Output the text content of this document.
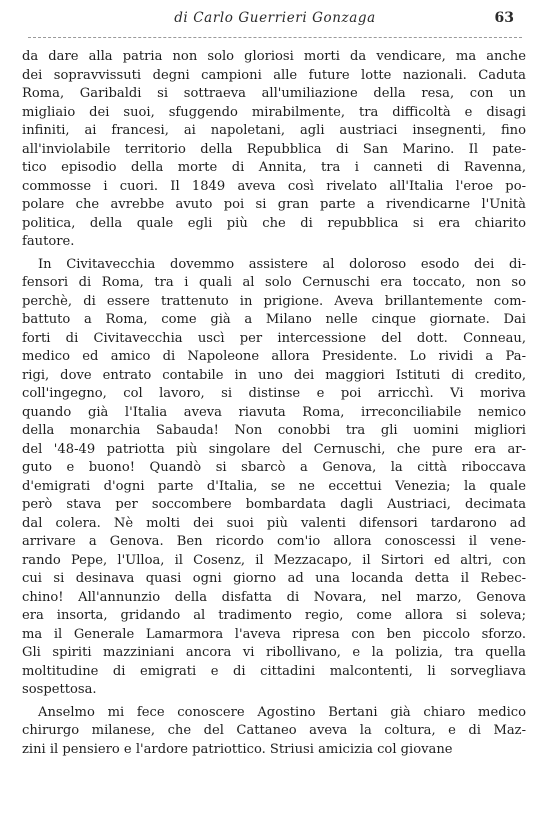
di Carlo Guerrieri Gonzaga	63
da dare alla patria non solo gloriosi morti da vendicare, ma anche
dei sopravvissuti degni campioni alle future lotte nazionali. Caduta
Roma, Garibaldi si sottraeva all'umiliazione della resa, con un
migliaio dei suoi, sfuggendo mirabilmente, tra difficoltà e disagi
infiniti, ai francesi, ai napoletani, agli austriaci insegnenti, fino
all'inviolabile territorio della Repubblica di San Marino. Il pate-
tico episodio della morte di Annita, tra i canneti di Ravenna,
commosse i cuori. Il 1849 aveva così rivelato all'Italia l'eroe po-
polare che avrebbe avuto poi si gran parte a rivendicarne l'Unità
politica, della quale egli più che di repubblica si era chiarito
fautore.
In Civitavecchia dovemmo assistere al doloroso esodo dei di-
fensori di Roma, tra i quali al solo Cernuschi era toccato, non so
perchè, di essere trattenuto in prigione. Aveva brillantemente com-
battuto a Roma, come già a Milano nelle cinque giornate. Dai
forti di Civitavecchia uscì per intercessione del dott. Conneau,
medico ed amico di Napoleone allora Presidente. Lo rividi a Pa-
rigi, dove entrato contabile in uno dei maggiori Istituti di credito,
coll'ingegno, col lavoro, si distinse e poi arricchì. Vi moriva
quando già l'Italia aveva riavuta Roma, irreconciliabile nemico
della monarchia Sabauda! Non conobbi tra gli uomini migliori
del '48-49 patriotta più singolare del Cernuschi, che pure era ar-
guto e buono! Quandò si sbarcò a Genova, la città riboccava
d'emigrati d'ogni parte d'Italia, se ne eccettui Venezia; la quale
però stava per soccombere bombardata dagli Austriaci, decimata
dal colera. Nè molti dei suoi più valenti difensori tardarono ad
arrivare a Genova. Ben ricordo com'io allora conoscessi il vene-
rando Pepe, l'Ulloa, il Cosenz, il Mezzacapo, il Sirtori ed altri, con
cui si desinava quasi ogni giorno ad una locanda detta il Rebec-
chino! All'annunzio della disfatta di Novara, nel marzo, Genova
era insorta, gridando al tradimento regio, come allora si soleva;
ma il Generale Lamarmora l'aveva ripresa con ben piccolo sforzo.
Gli spiriti mazziniani ancora vi ribollivano, e la polizia, tra quella
moltitudine di emigrati e di cittadini malcontenti, li sorvegliava
sospettosa.
Anselmo mi fece conoscere Agostino Bertani già chiaro medico
chirurgo milanese, che del Cattaneo aveva la coltura, e di Maz-
zini il pensiero e l'ardore patriottico. Striusi amicizia col giovane
